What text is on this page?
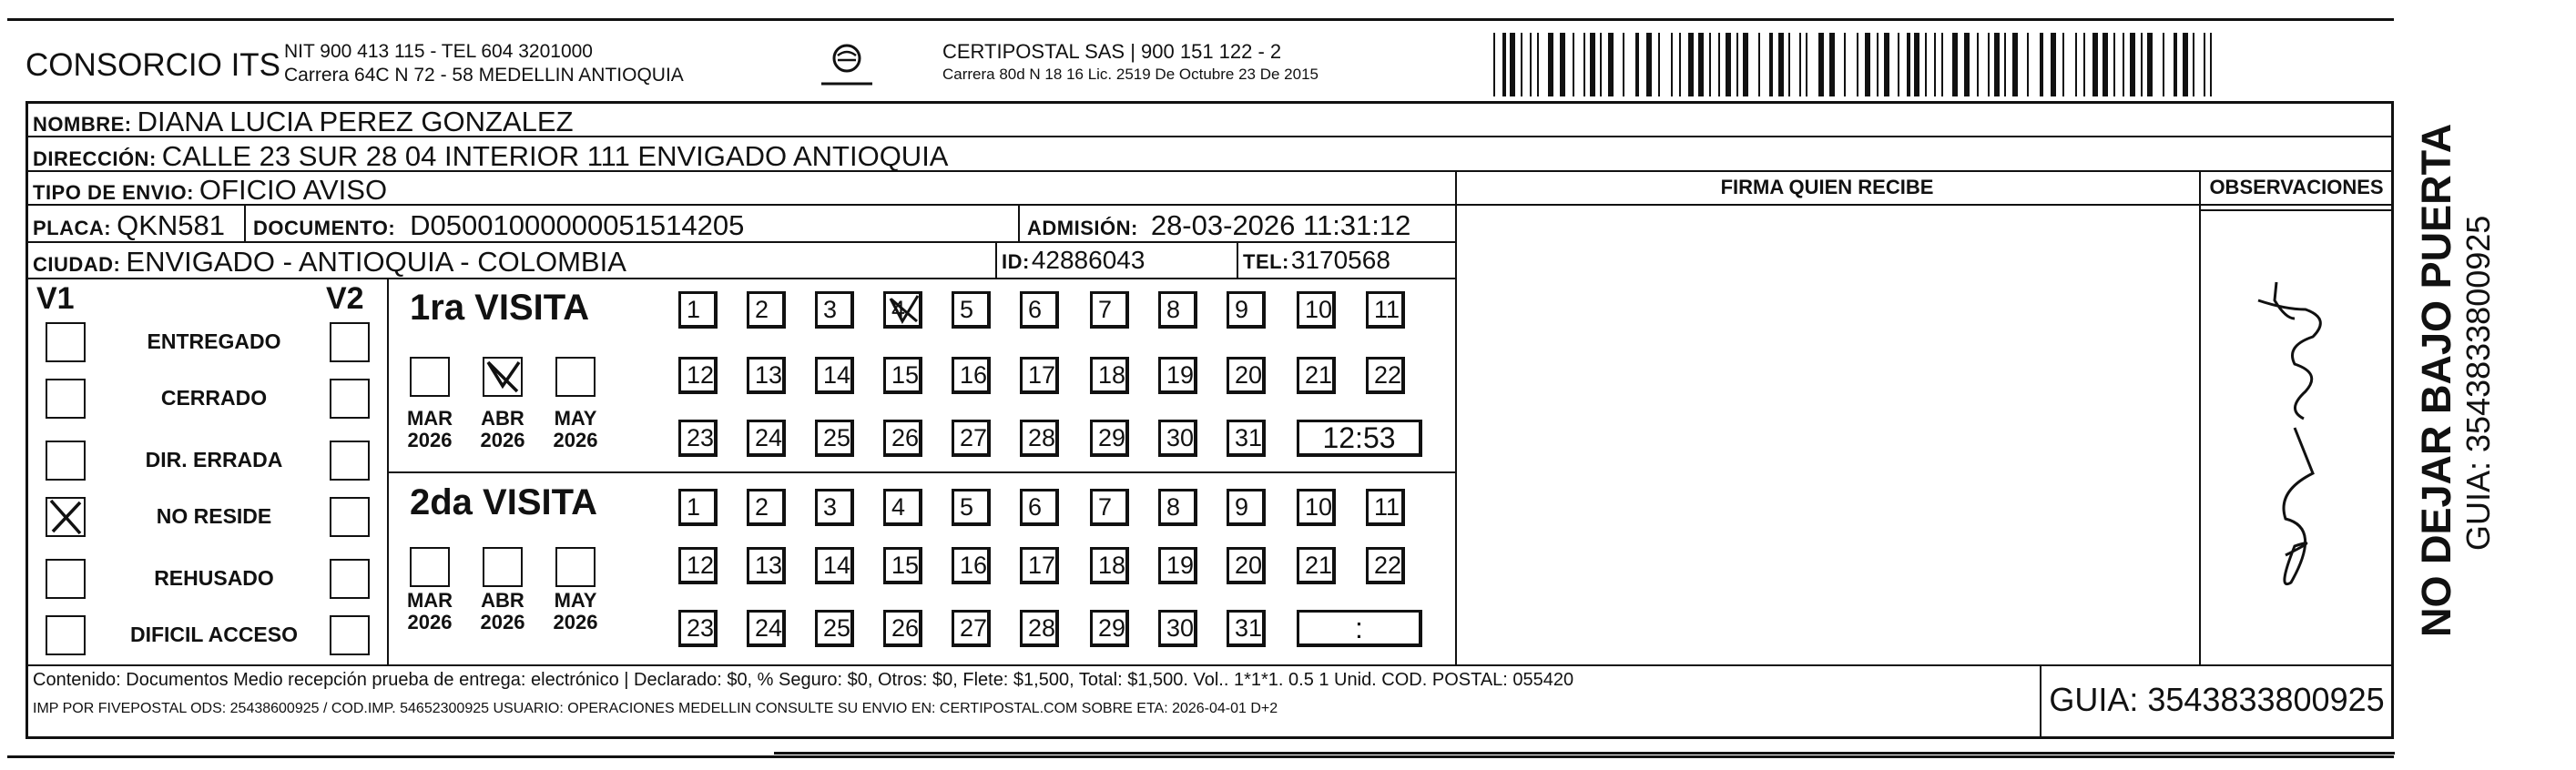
CONSORCIO ITS NIT 900 413 115 - TEL 604 3201000
Carrera 64C N 72 - 58 MEDELLIN ANTIOQUIA
CERTIPOSTAL SAS | 900 151 122 - 2
Carrera 80d N 18 16 Lic. 2519 De Octubre 23 De 2015
NOMBRE: DIANA LUCIA PEREZ GONZALEZ
DIRECCIÓN: CALLE 23 SUR 28 04 INTERIOR 111 ENVIGADO ANTIOQUIA
TIPO DE ENVIO: OFICIO AVISO	FIRMA QUIEN RECIBE	OBSERVACIONES
PLACA: QKN581 DOCUMENTO: D05001000000051514205	ADMISIÓN: 28-03-2026 11:31:12
CIUDAD: ENVIGADO - ANTIOQUIA - COLOMBIA	ID: 42886043	TEL: 3170568
V1	V2
ENTREGADO
CERRADO
DIR. ERRADA
NO RESIDE
REHUSADO
DIFICIL ACCESO
1ra VISITA
2da VISITA
MAR
2026
ABR
2026
MAY
2026
MAR
2026
ABR
2026
MAY
2026
1	2	3	4	5	6	7	8	9	10	11
12	13	14	15	16	17	18	19	20	21	22
23	24	25	26	27	28	29	30	31	12:53
1	2	3	4	5	6	7	8	9	10	11
12	13	14	15	16	17	18	19	20	21	22
23	24	25	26	27	28	29	30	31	:
Contenido: Documentos Medio recepción prueba de entrega: electrónico | Declarado: $0, % Seguro: $0, Otros: $0, Flete: $1,500, Total: $1,500. Vol.. 1*1*1. 0.5 1 Unid. COD. POSTAL: 055420
IMP POR FIVEPOSTAL ODS: 25438600925 / COD.IMP. 54652300925 USUARIO: OPERACIONES MEDELLIN CONSULTE SU ENVIO EN: CERTIPOSTAL.COM SOBRE ETA: 2026-04-01 D+2	GUIA: 3543833800925
NO DEJAR BAJO PUERTA GUIA: 3543833800925
